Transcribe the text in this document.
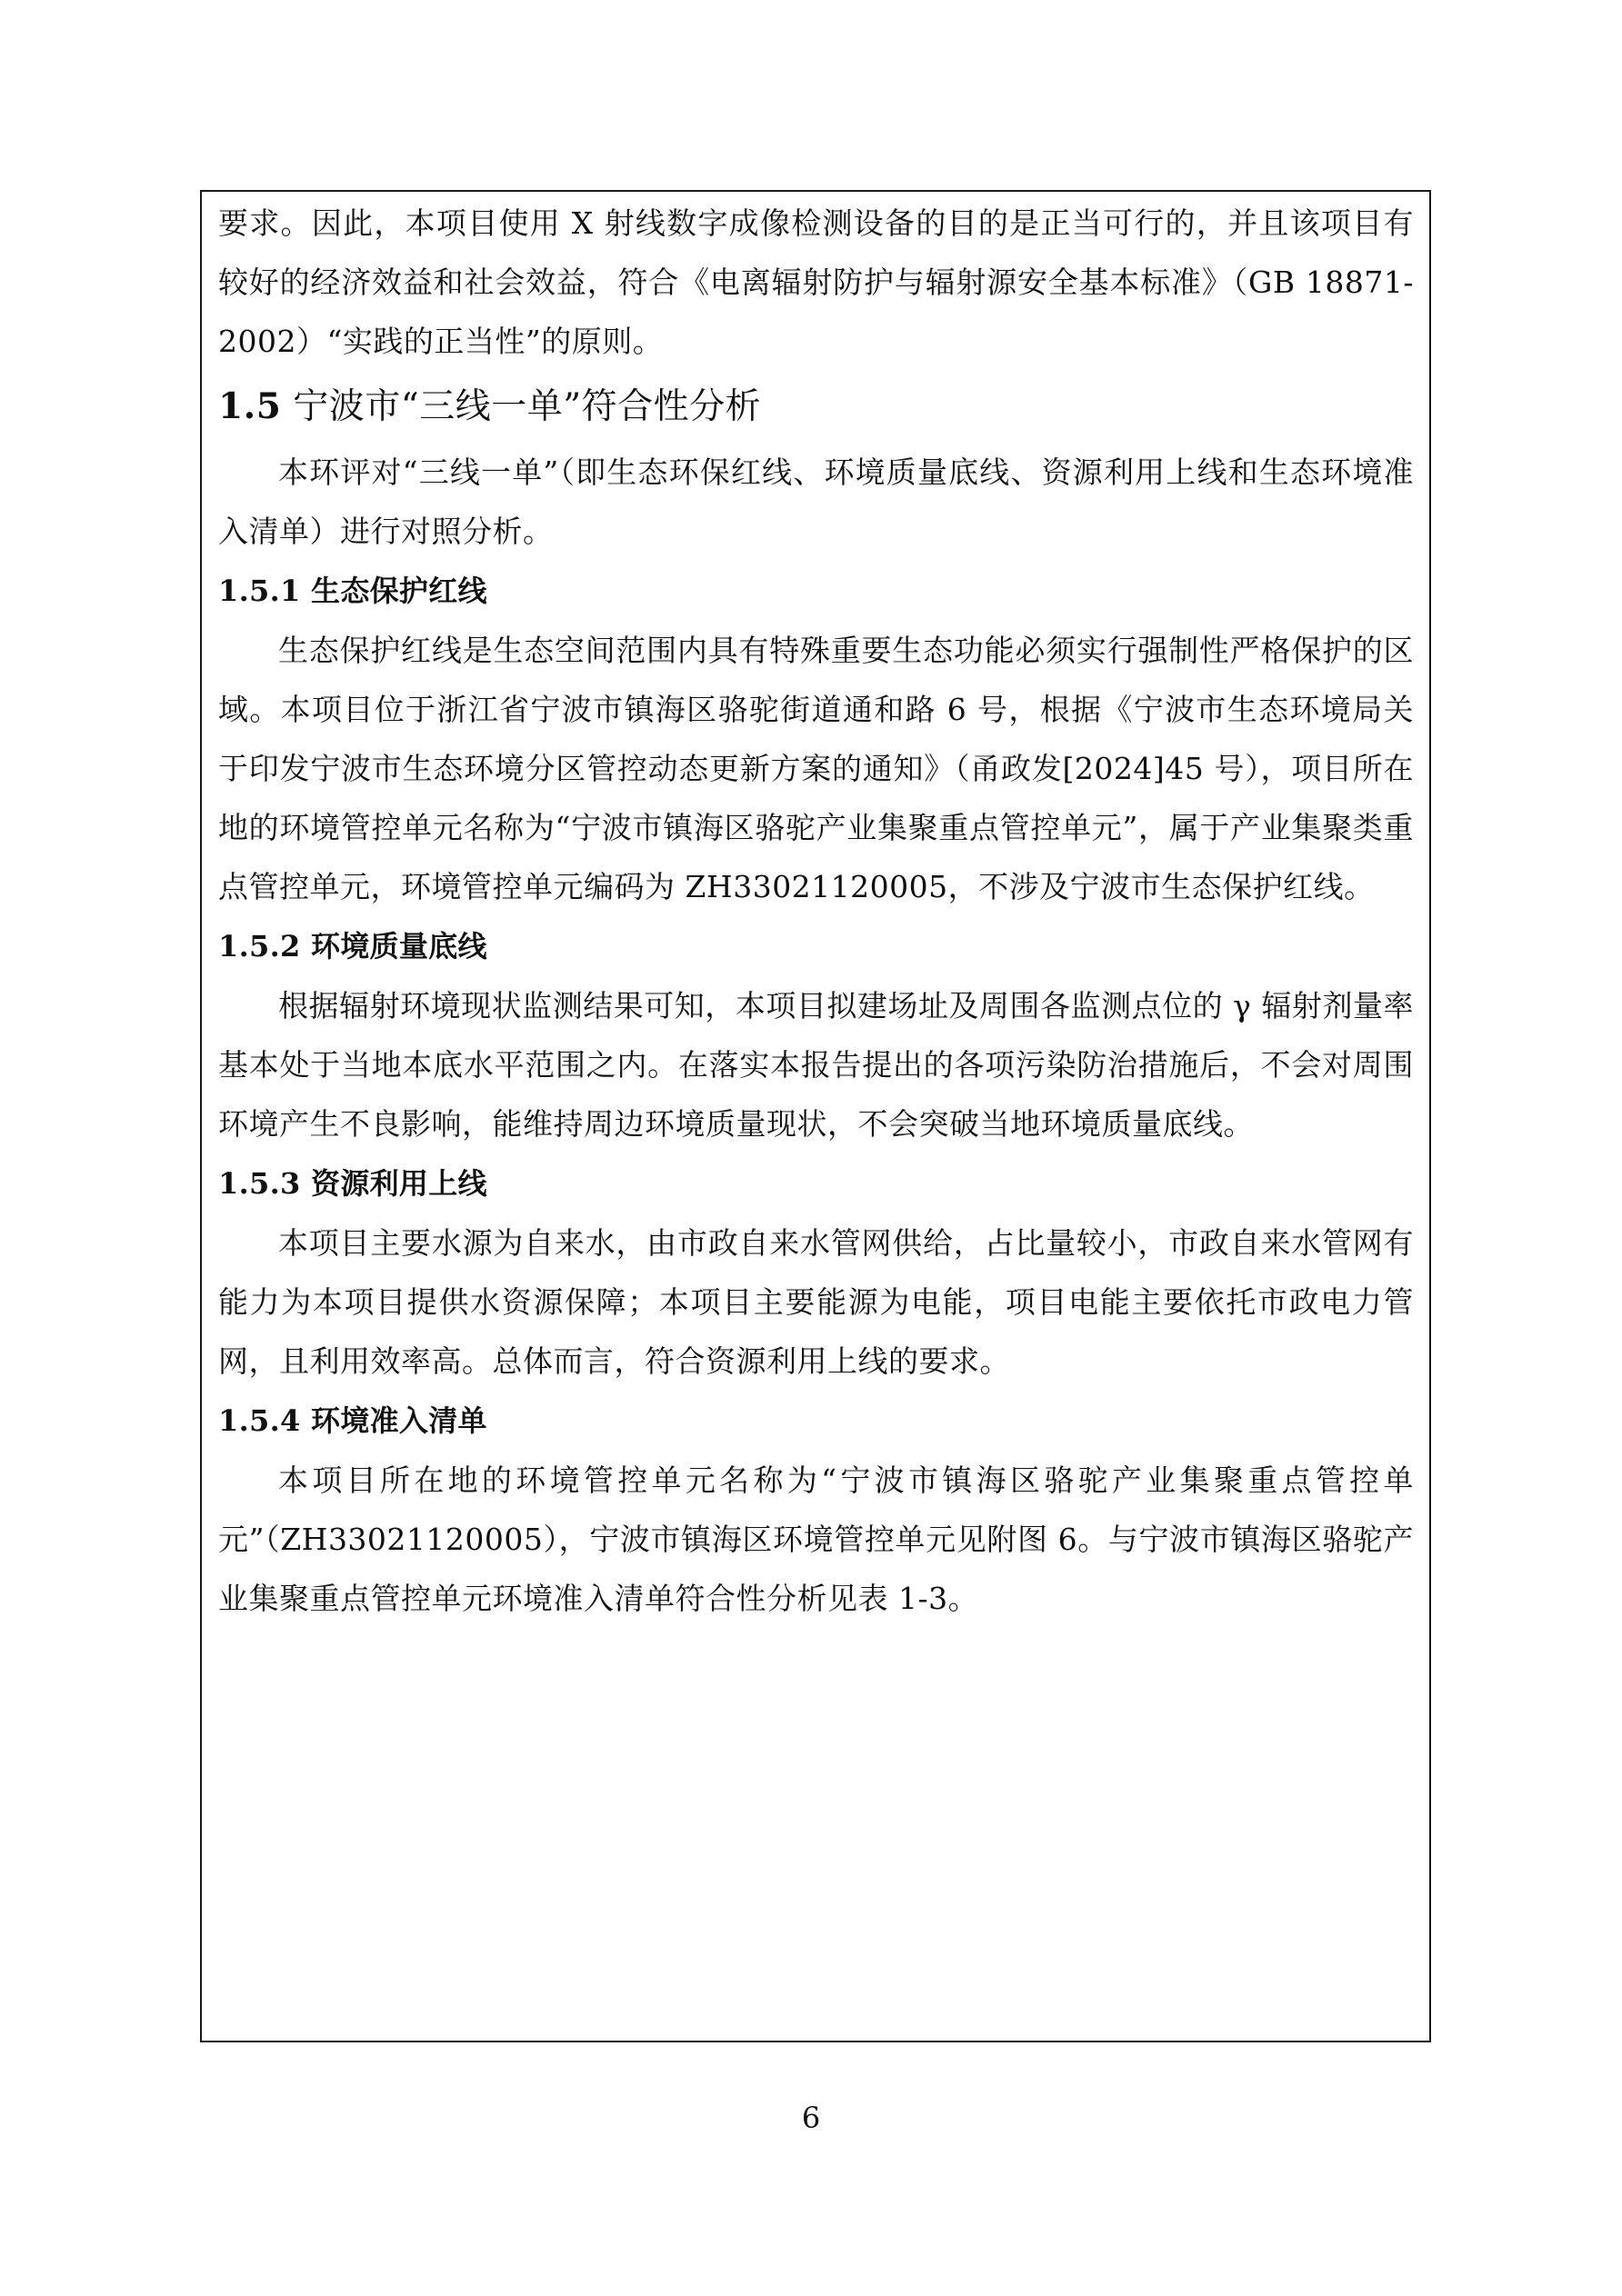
要求。因此，本项目使用 X 射线数字成像检测设备的目的是正当可行的，并且该项目有较好的经济效益和社会效益，符合《电离辐射防护与辐射源安全基本标准》（GB 18871-2002）“实践的正当性”的原则。

1.5 宁波市“三线一单”符合性分析

本环评对“三线一单”（即生态环保红线、环境质量底线、资源利用上线和生态环境准入清单）进行对照分析。

1.5.1 生态保护红线

生态保护红线是生态空间范围内具有特殊重要生态功能必须实行强制性严格保护的区域。本项目位于浙江省宁波市镇海区骆驼街道通和路 6 号，根据《宁波市生态环境局关于印发宁波市生态环境分区管控动态更新方案的通知》（甬政发[2024]45 号），项目所在地的环境管控单元名称为“宁波市镇海区骆驼产业集聚重点管控单元”，属于产业集聚类重点管控单元，环境管控单元编码为 ZH33021120005，不涉及宁波市生态保护红线。

1.5.2 环境质量底线

根据辐射环境现状监测结果可知，本项目拟建场址及周围各监测点位的 γ 辐射剂量率基本处于当地本底水平范围之内。在落实本报告提出的各项污染防治措施后，不会对周围环境产生不良影响，能维持周边环境质量现状，不会突破当地环境质量底线。

1.5.3 资源利用上线

本项目主要水源为自来水，由市政自来水管网供给，占比量较小，市政自来水管网有能力为本项目提供水资源保障；本项目主要能源为电能，项目电能主要依托市政电力管网，且利用效率高。总体而言，符合资源利用上线的要求。

1.5.4 环境准入清单

本项目所在地的环境管控单元名称为“宁波市镇海区骆驼产业集聚重点管控单元”（ZH33021120005），宁波市镇海区环境管控单元见附图 6。与宁波市镇海区骆驼产业集聚重点管控单元环境准入清单符合性分析见表 1-3。

6
